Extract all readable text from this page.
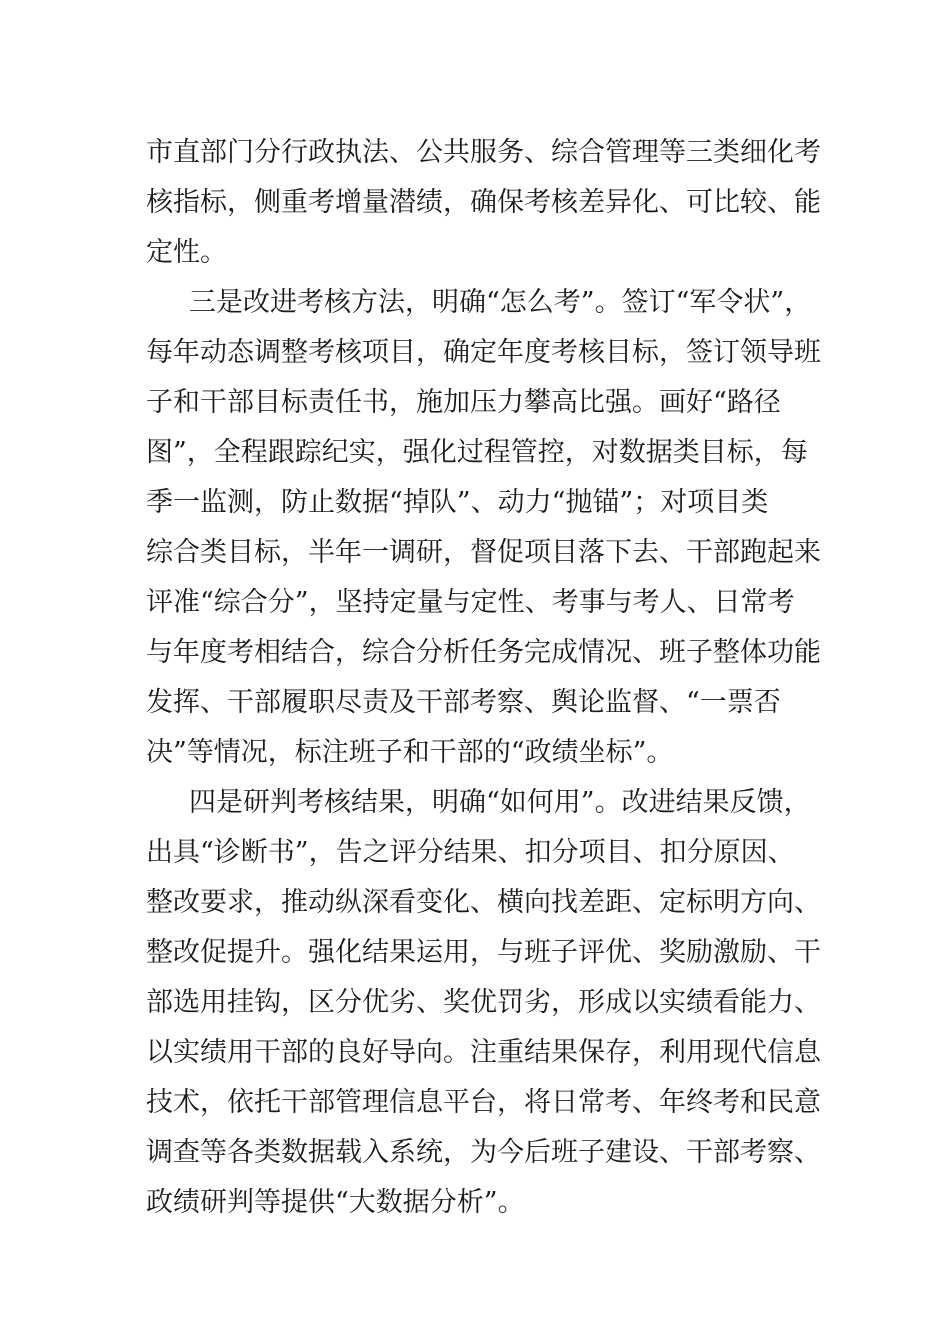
市直部门分行政执法、公共服务、综合管理等三类细化考
核指标，侧重考增量潜绩，确保考核差异化、可比较、能
定性。
三是改进考核方法，明确“怎么考”。签订“军令状”，
每年动态调整考核项目，确定年度考核目标，签订领导班
子和干部目标责任书，施加压力攀高比强。画好“路径
图”，全程跟踪纪实，强化过程管控，对数据类目标，每
季一监测，防止数据“掉队”、动力“抛锚”；对项目类
综合类目标，半年一调研，督促项目落下去、干部跑起来
评准“综合分”，坚持定量与定性、考事与考人、日常考
与年度考相结合，综合分析任务完成情况、班子整体功能
发挥、干部履职尽责及干部考察、舆论监督、“一票否
决”等情况，标注班子和干部的“政绩坐标”。
四是研判考核结果，明确“如何用”。改进结果反馈，
出具“诊断书”，告之评分结果、扣分项目、扣分原因、
整改要求，推动纵深看变化、横向找差距、定标明方向、
整改促提升。强化结果运用，与班子评优、奖励激励、干
部选用挂钩，区分优劣、奖优罚劣，形成以实绩看能力、
以实绩用干部的良好导向。注重结果保存，利用现代信息
技术，依托干部管理信息平台，将日常考、年终考和民意
调查等各类数据载入系统，为今后班子建设、干部考察、
政绩研判等提供“大数据分析”。
